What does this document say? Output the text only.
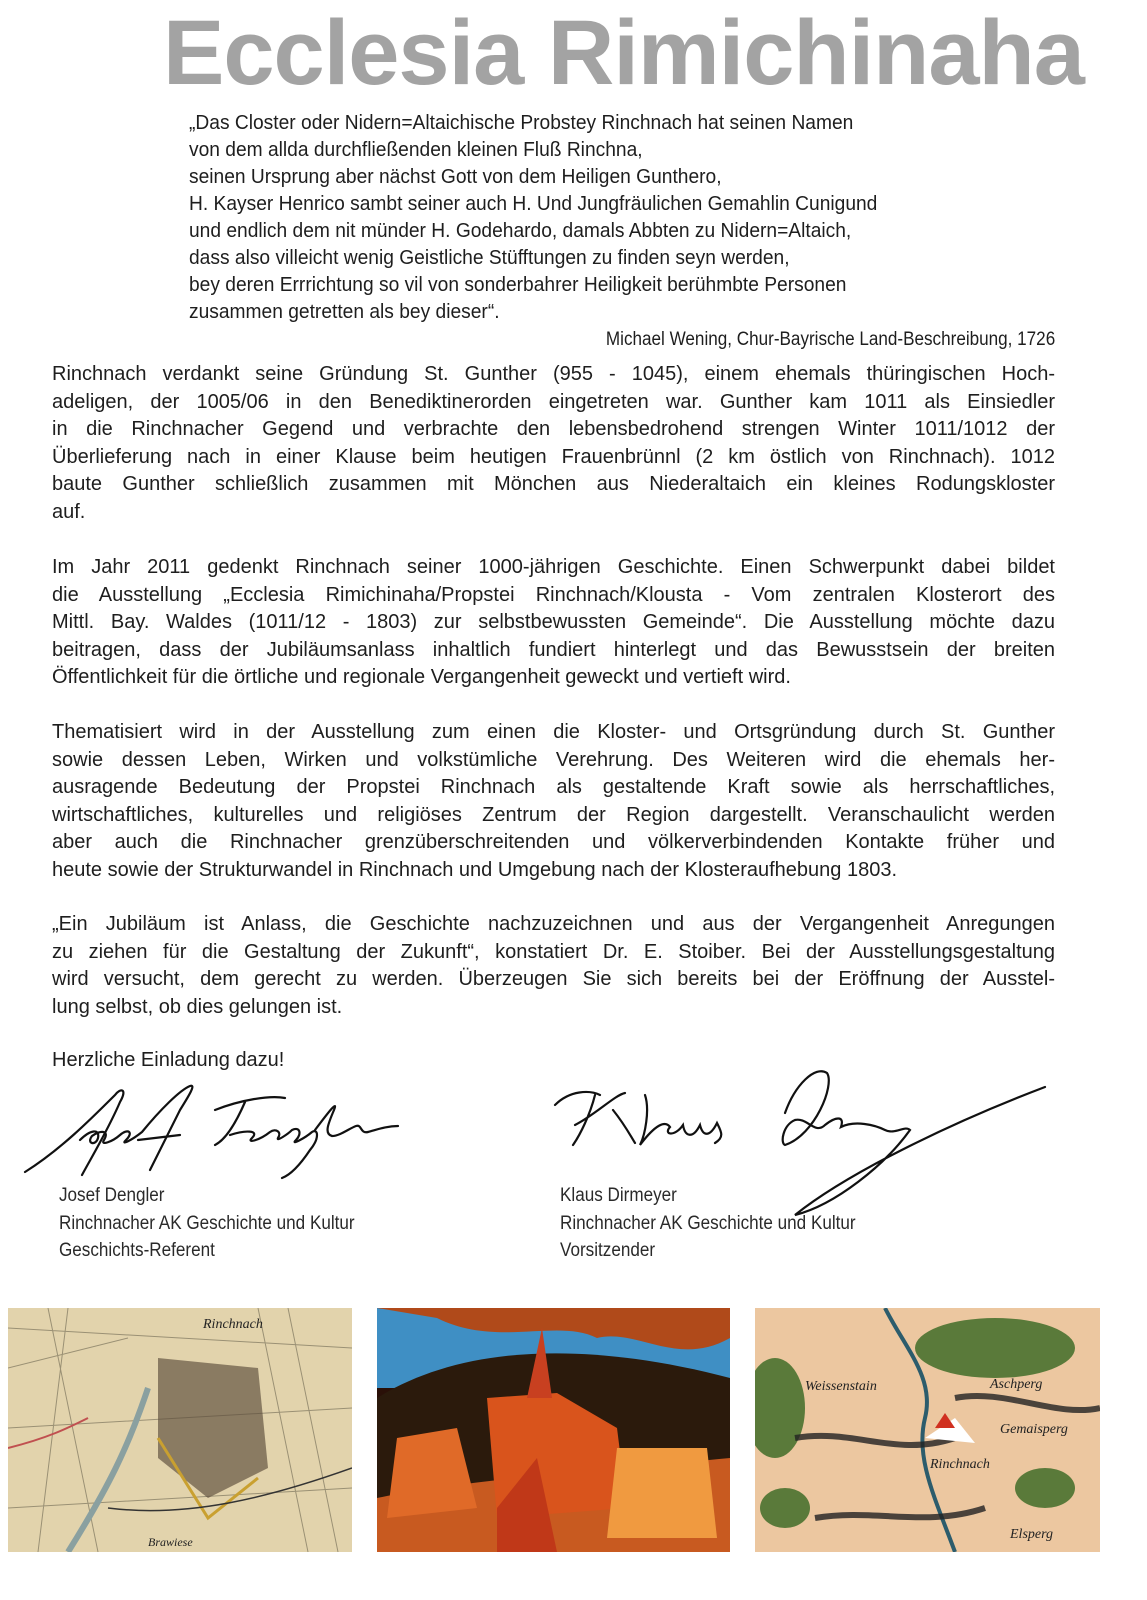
Ecclesia Rimichinaha
„Das Closter oder Nidern=Altaichische Probstey Rinchnach hat seinen Namen
von dem allda durchfließenden kleinen Fluß Rinchna,
seinen Ursprung aber nächst Gott von dem Heiligen Gunthero,
H. Kayser Henrico sambt seiner auch H. Und Jungfräulichen Gemahlin Cunigund
und endlich dem nit münder H. Godehardo, damals Abbten zu Nidern=Altaich,
dass also villeicht wenig Geistliche Stüfftungen zu finden seyn werden,
bey deren Errrichtung so vil von sonderbahrer Heiligkeit berühmbte Personen
zusammen getretten als bey dieser“.
Michael Wening, Chur-Bayrische Land-Beschreibung, 1726
Rinchnach verdankt seine Gründung St. Gunther (955 - 1045), einem ehemals thüringischen Hoch-
adeligen, der 1005/06 in den Benediktinerorden eingetreten war. Gunther kam 1011 als Einsiedler
in die Rinchnacher Gegend und verbrachte den lebensbedrohend strengen Winter 1011/1012 der
Überlieferung nach in einer Klause beim heutigen Frauenbrünnl (2 km östlich von Rinchnach). 1012
baute Gunther schließlich zusammen mit Mönchen aus Niederaltaich ein kleines Rodungskloster
auf.
Im Jahr 2011 gedenkt Rinchnach seiner 1000-jährigen Geschichte. Einen Schwerpunkt dabei bildet
die Ausstellung „Ecclesia Rimichinaha/Propstei Rinchnach/Klousta - Vom zentralen Klosterort des
Mittl. Bay. Waldes (1011/12 - 1803) zur selbstbewussten Gemeinde“. Die Ausstellung möchte dazu
beitragen, dass der Jubiläumsanlass inhaltlich fundiert hinterlegt und das Bewusstsein der breiten
Öffentlichkeit für die örtliche und regionale Vergangenheit geweckt und vertieft wird.
Thematisiert wird in der Ausstellung zum einen die Kloster- und Ortsgründung durch St. Gunther
sowie dessen Leben, Wirken und volkstümliche Verehrung. Des Weiteren wird die ehemals her-
ausragende Bedeutung der Propstei Rinchnach als gestaltende Kraft sowie als herrschaftliches,
wirtschaftliches, kulturelles und religiöses Zentrum der Region dargestellt. Veranschaulicht werden
aber auch die Rinchnacher grenzüberschreitenden und völkerverbindenden Kontakte früher und
heute sowie der Strukturwandel in Rinchnach und Umgebung nach der Klosteraufhebung 1803.
„Ein Jubiläum ist Anlass, die Geschichte nachzuzeichnen und aus der Vergangenheit Anregungen
zu ziehen für die Gestaltung der Zukunft“, konstatiert Dr. E. Stoiber. Bei der Ausstellungsgestaltung
wird versucht, dem gerecht zu werden. Überzeugen Sie sich bereits bei der Eröffnung der Ausstel-
lung selbst, ob dies gelungen ist.
Herzliche Einladung dazu!
Josef Dengler
Rinchnacher AK Geschichte und Kultur
Geschichts-Referent
Klaus Dirmeyer
Rinchnacher AK Geschichte und Kultur
Vorsitzender
Rinchnach
Brawiese
Rinchnach
Weissenstain	Aschperg
Gemaisperg
Elsperg
